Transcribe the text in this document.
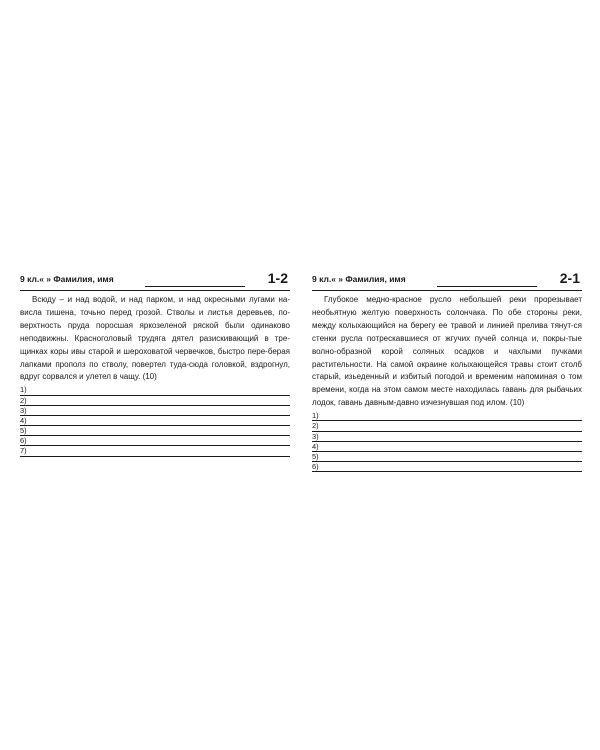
9 кл.« » Фамилия, имя	1-2

Всюду – и над водой, и над парком, и над окресными лугами на-висла тишена, точьно перед грозой. Стволы и листья деревьев, по-верхтность пруда поросшая яркозеленой ряской были одинаково неподвижны. Красноголовый трудяга дятел разискивающий в тре-щинках коры ивы старой и шероховатой червечков, быстро пере-берая лапками прополз по стволу, повертел туда-сюда головкой, вздрогнул, вдруг сорвался и улетел в чащу. (10)

1)
2)
3)
4)
5)
6)
7)
9 кл.« » Фамилия, имя	2-1

Глубокое медно-красное русло небольшей реки прорезывает необьятную желтую поверхность солончака. По обе стороны реки, между колыхающийся на берегу ее травой и линией прелива тянут-ся стенки русла потрескавшиеся от жгучих пучей солнца и, покры-тые волно-образной корой соляных осадков и чахлыми пучками растительности. На самой окраине колыхающейся травы стоит столб старый, изьеденный и избитый погодой и временим напоминая о том времени, когда на этом самом месте находилась гавань для рыбачьих лодок, гавань давным-давно изчезнувшая под илом. (10)

1)
2)
3)
4)
5)
6)
